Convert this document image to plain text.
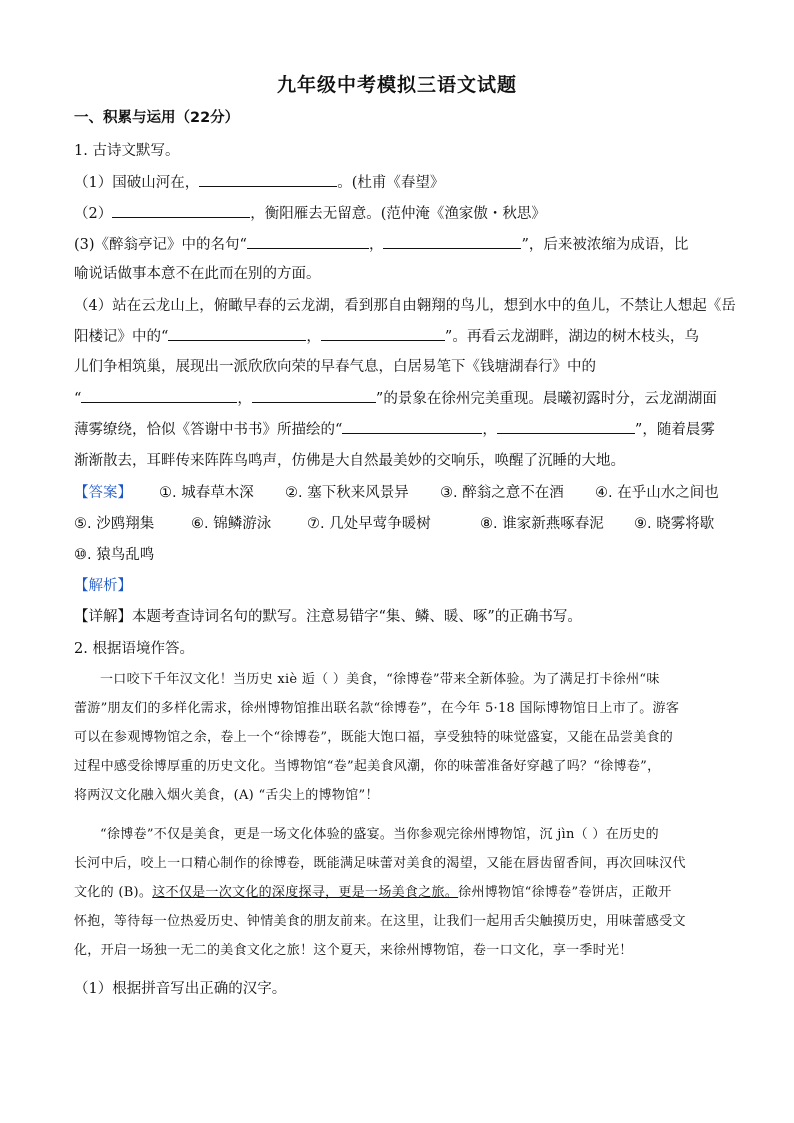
九年级中考模拟三语文试题
一、积累与运用（22分）
1. 古诗文默写。
（1）国破山河在，	。(杜甫《春望》
（2）	，衡阳雁去无留意。(范仲淹《渔家傲・秋思》
(3)《醉翁亭记》中的名句“	，	”，后来被浓缩为成语，比
喻说话做事本意不在此而在别的方面。
（4）站在云龙山上，俯瞰早春的云龙湖，看到那自由翱翔的鸟儿，想到水中的鱼儿，不禁让人想起《岳
阳楼记》中的“	，	”。再看云龙湖畔，湖边的树木枝头，乌
儿们争相筑巢，展现出一派欣欣向荣的早春气息，白居易笔下《钱塘湖春行》中的
“	，	”的景象在徐州完美重现。晨曦初露时分，云龙湖湖面
薄雾缭绕，恰似《答谢中书书》所描绘的“	，	”，随着晨雾
渐渐散去，耳畔传来阵阵鸟鸣声，仿佛是大自然最美妙的交响乐，唤醒了沉睡的大地。
【答案】 ①. 城春草木深 ②. 塞下秋来风景异 ③. 醉翁之意不在酒 ④. 在乎山水之间也
⑤. 沙鸥翔集	⑥. 锦鳞游泳 ⑦. 几处早莺争暖树	⑧. 谁家新燕啄春泥 ⑨. 晓雾将歇
⑩. 猿鸟乱鸣
【解析】
【详解】本题考查诗词名句的默写。注意易错字“集、鳞、暖、啄”的正确书写。
2. 根据语境作答。
一口咬下千年汉文化！当历史 xiè 逅（ ）美食，“徐博卷”带来全新体验。为了满足打卡徐州“味
蕾游”朋友们的多样化需求，徐州博物馆推出联名款“徐博卷”，在今年 5·18 国际博物馆日上市了。游客
可以在参观博物馆之余，卷上一个“徐博卷”，既能大饱口福，享受独特的味觉盛宴，又能在品尝美食的
过程中感受徐博厚重的历史文化。当博物馆“卷”起美食风潮，你的味蕾准备好穿越了吗？“徐博卷”，
将两汉文化融入烟火美食，(A) “舌尖上的博物馆”！
“徐博卷”不仅是美食，更是一场文化体验的盛宴。当你参观完徐州博物馆，沉 jìn（ ）在历史的
长河中后，咬上一口精心制作的徐博卷，既能满足味蕾对美食的渴望，又能在唇齿留香间，再次回味汉代
文化的 (B)。这不仅是一次文化的深度探寻，更是一场美食之旅。徐州博物馆“徐博卷”卷饼店，正敞开
怀抱，等待每一位热爱历史、钟情美食的朋友前来。在这里，让我们一起用舌尖触摸历史，用味蕾感受文
化，开启一场独一无二的美食文化之旅！这个夏天，来徐州博物馆，卷一口文化，享一季时光！
（1）根据拼音写出正确的汉字。
